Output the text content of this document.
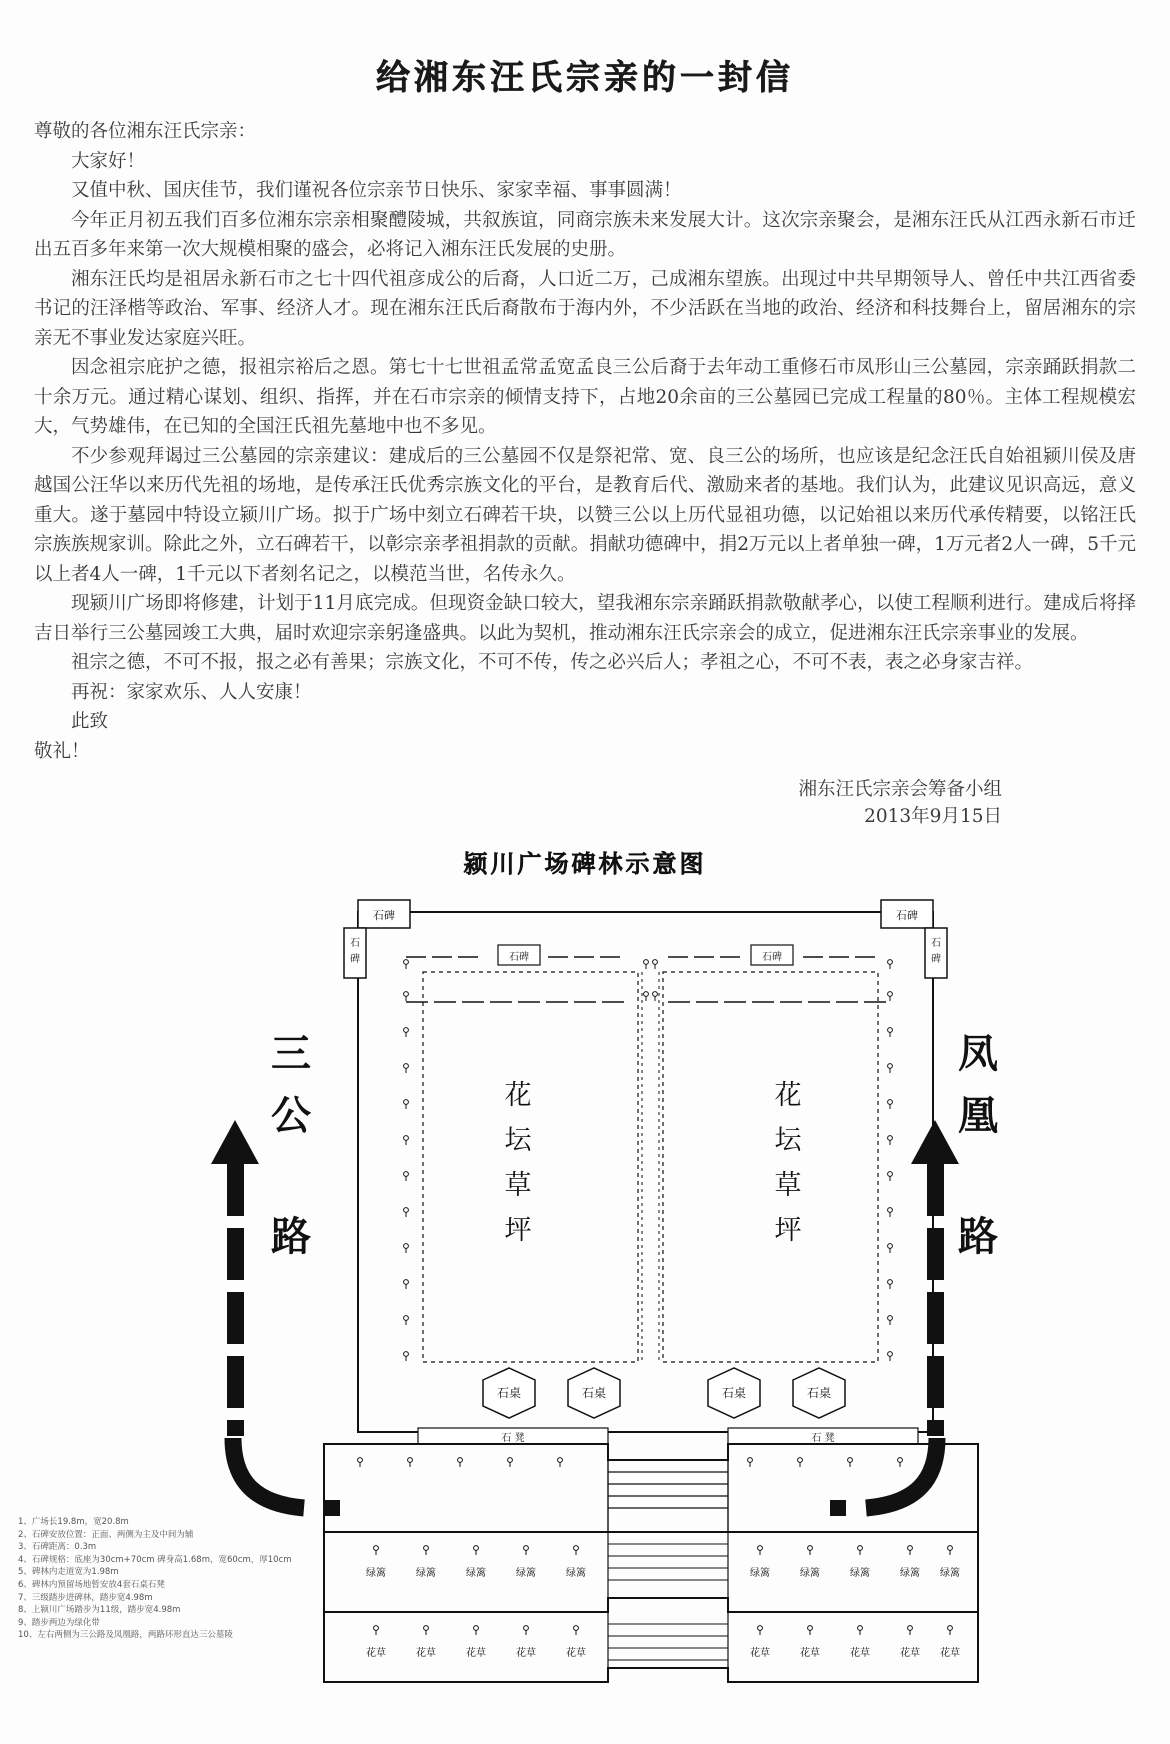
给湘东汪氏宗亲的一封信

尊敬的各位湘东汪氏宗亲：

大家好！

又值中秋、国庆佳节，我们谨祝各位宗亲节日快乐、家家幸福、事事圆满！

今年正月初五我们百多位湘东宗亲相聚醴陵城，共叙族谊，同商宗族未来发展大计。这次宗亲聚会，是湘东汪氏从江西永新石市迁出五百多年来第一次大规模相聚的盛会，必将记入湘东汪氏发展的史册。

湘东汪氏均是祖居永新石市之七十四代祖彦成公的后裔，人口近二万，己成湘东望族。出现过中共早期领导人、曾任中共江西省委书记的汪泽楷等政治、军事、经济人才。现在湘东汪氏后裔散布于海内外，不少活跃在当地的政治、经济和科技舞台上，留居湘东的宗亲无不事业发达家庭兴旺。

因念祖宗庇护之德，报祖宗裕后之恩。第七十七世祖孟常孟宽孟良三公后裔于去年动工重修石市凤形山三公墓园，宗亲踊跃捐款二十余万元。通过精心谋划、组织、指挥，并在石市宗亲的倾情支持下，占地20余亩的三公墓园已完成工程量的80％。主体工程规模宏大，气势雄伟，在已知的全国汪氏祖先墓地中也不多见。

不少参观拜谒过三公墓园的宗亲建议：建成后的三公墓园不仅是祭祀常、宽、良三公的场所，也应该是纪念汪氏自始祖颍川侯及唐越国公汪华以来历代先祖的场地，是传承汪氏优秀宗族文化的平台，是教育后代、激励来者的基地。我们认为，此建议见识高远，意义重大。遂于墓园中特设立颍川广场。拟于广场中刻立石碑若干块，以赞三公以上历代显祖功德，以记始祖以来历代承传精要，以铭汪氏宗族族规家训。除此之外，立石碑若干，以彰宗亲孝祖捐款的贡献。捐献功德碑中，捐2万元以上者单独一碑，1万元者2人一碑，5千元以上者4人一碑，1千元以下者刻名记之，以模范当世，名传永久。

现颍川广场即将修建，计划于11月底完成。但现资金缺口较大，望我湘东宗亲踊跃捐款敬献孝心，以使工程顺利进行。建成后将择吉日举行三公墓园竣工大典，届时欢迎宗亲躬逢盛典。以此为契机，推动湘东汪氏宗亲会的成立，促进湘东汪氏宗亲事业的发展。

祖宗之德，不可不报，报之必有善果；宗族文化，不可不传，传之必兴后人；孝祖之心，不可不表，表之必身家吉祥。

再祝：家家欢乐、人人安康！

此致

敬礼！

湘东汪氏宗亲会筹备小组
2013年9月15日
颍川广场碑林示意图
三
公
路
凤
凰
路
石碑	石碑
石
碑
石
碑
石碑	石碑
花
坛
草
坪
花
坛
草
坪
石桌	石桌	石桌	石桌
石 凳	石 凳
绿篱	绿篱	绿篱	绿篱	绿篱	绿篱	绿篱	绿篱	绿篱 绿篱
花草	花草	花草	花草	花草	花草	花草	花草	花草 花草
1、广场长19.8m，宽20.8m
2、石碑安放位置：正面、两侧为主及中间为辅
3、石碑距离：0.3m
4、石碑规格：底座为30cm+70cm 碑身高1.68m，宽60cm，厚10cm
5、碑林内走道宽为1.98m
6、碑林内预留场地暂安放4套石桌石凳
7、三级踏步进碑林，踏步宽4.98m
8、上颍川广场踏步为11级，踏步宽4.98m
9、踏步两边为绿化带
10、左右两侧为三公路及凤凰路，两路环形直达三公墓陵
